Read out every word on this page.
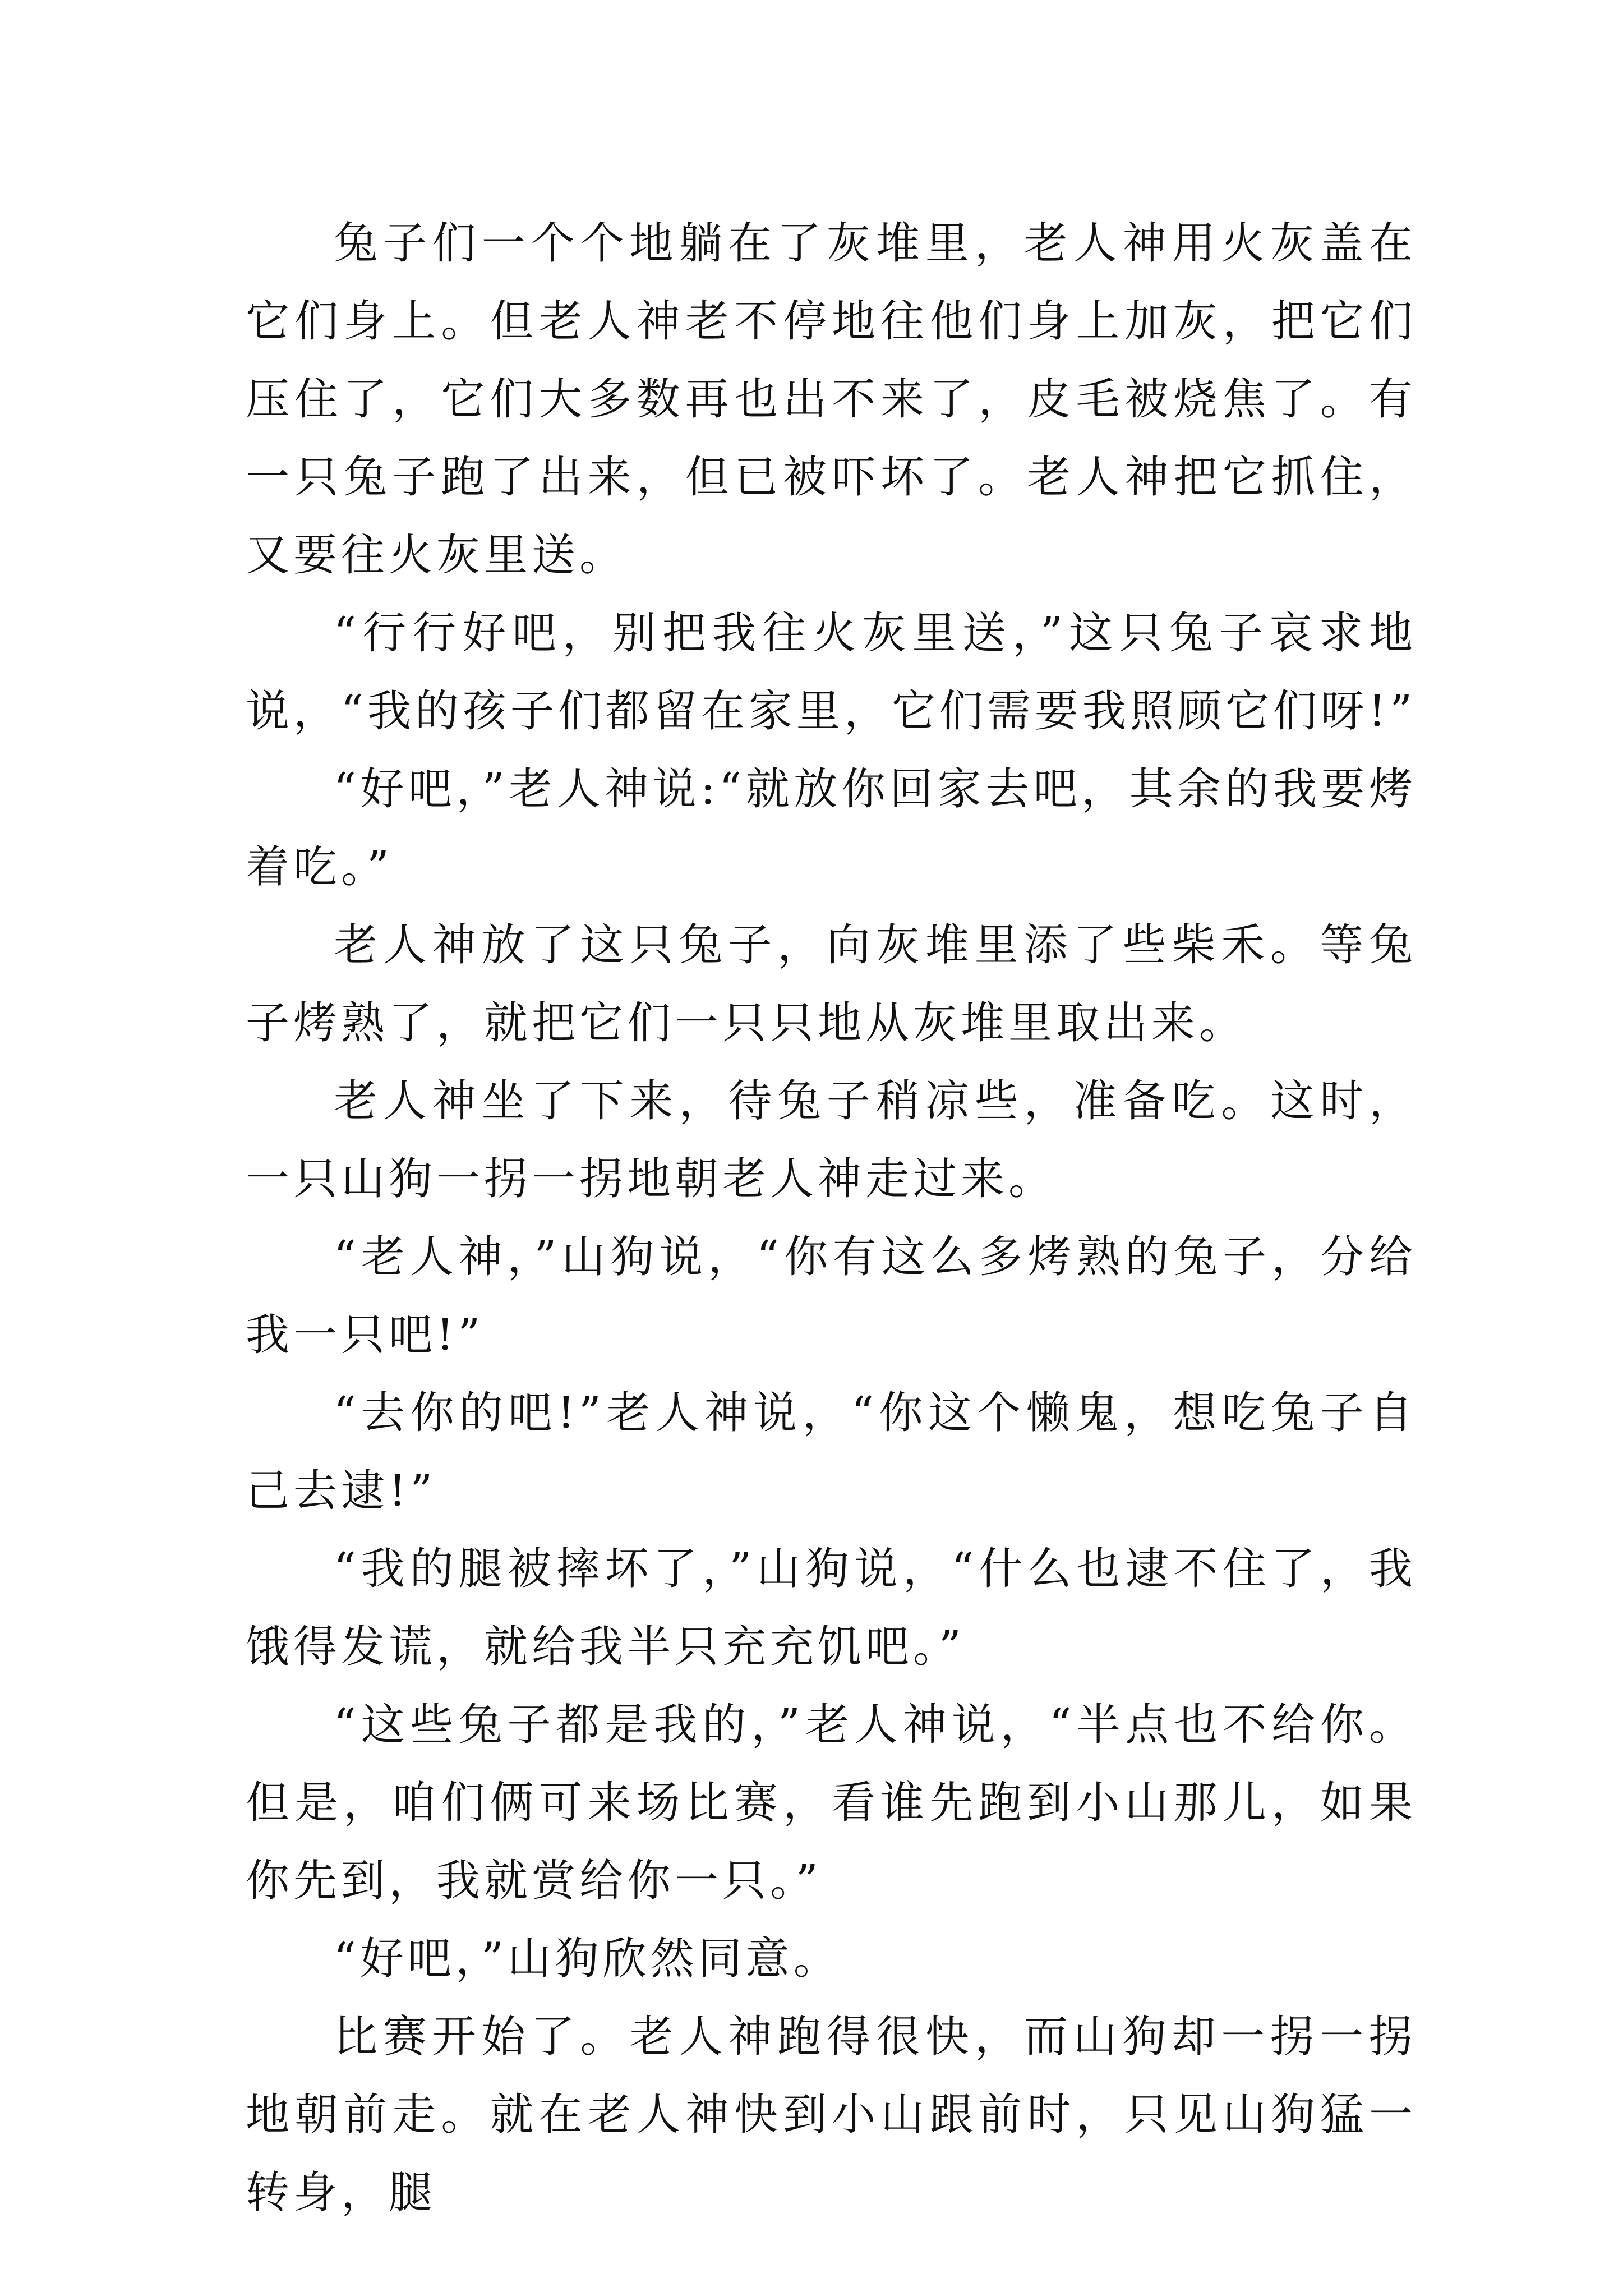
兔子们一个个地躺在了灰堆里，老人神用火灰盖在它们身上。但老人神老不停地往他们身上加灰，把它们压住了，它们大多数再也出不来了，皮毛被烧焦了。有一只兔子跑了出来，但已被吓坏了。老人神把它抓住，又要往火灰里送。

“行行好吧，别把我往火灰里送，”这只兔子哀求地说，“我的孩子们都留在家里，它们需要我照顾它们呀!”

“好吧，”老人神说:“就放你回家去吧，其余的我要烤着吃。”

老人神放了这只兔子，向灰堆里添了些柴禾。等兔子烤熟了，就把它们一只只地从灰堆里取出来。

老人神坐了下来，待兔子稍凉些，准备吃。这时，一只山狗一拐一拐地朝老人神走过来。

“老人神，”山狗说，“你有这么多烤熟的兔子，分给我一只吧!”

“去你的吧!”老人神说，“你这个懒鬼，想吃兔子自己去逮!”

“我的腿被摔坏了，”山狗说，“什么也逮不住了，我饿得发谎，就给我半只充充饥吧。”

“这些兔子都是我的，”老人神说，“半点也不给你。但是，咱们俩可来场比赛，看谁先跑到小山那儿，如果你先到，我就赏给你一只。”

“好吧，”山狗欣然同意。

比赛开始了。老人神跑得很快，而山狗却一拐一拐地朝前走。就在老人神快到小山跟前时，只见山狗猛一转身，腿
